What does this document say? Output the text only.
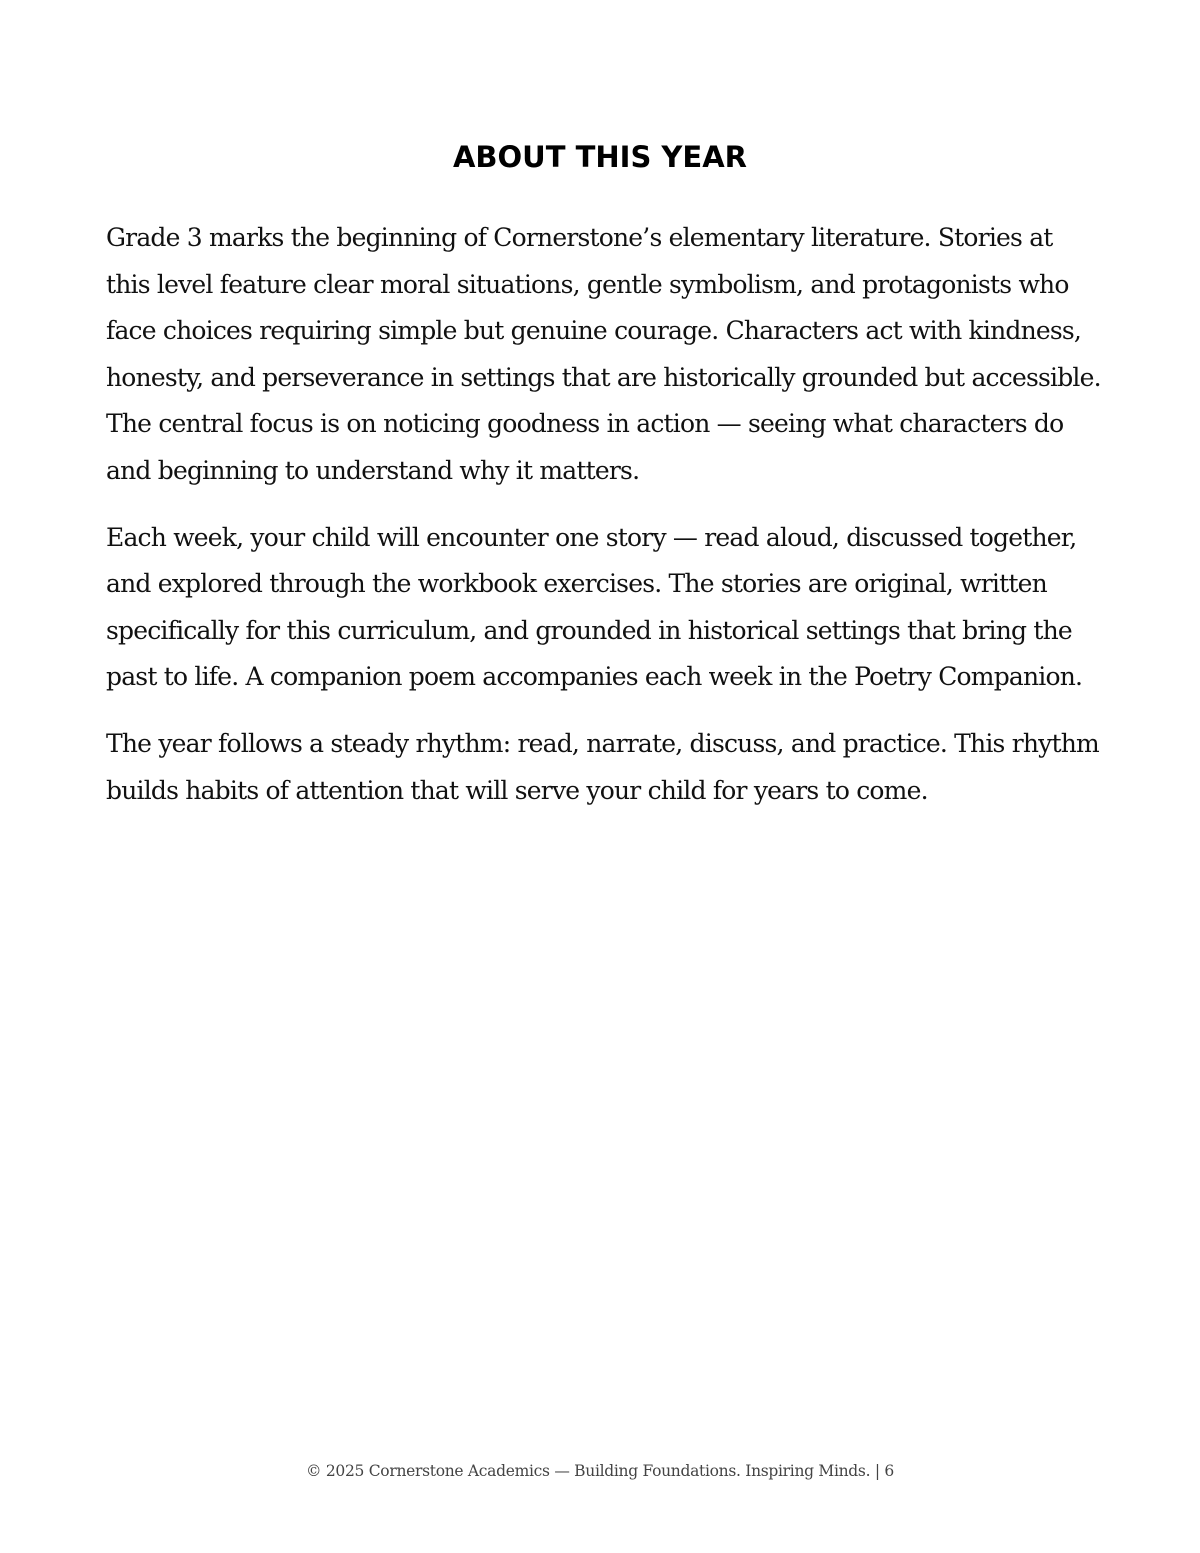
ABOUT THIS YEAR

Grade 3 marks the beginning of Cornerstone’s elementary literature. Stories at this level feature clear moral situations, gentle symbolism, and protagonists who face choices requiring simple but genuine courage. Characters act with kindness, honesty, and perseverance in settings that are historically grounded but accessible. The central focus is on noticing goodness in action — seeing what characters do and beginning to understand why it matters.

Each week, your child will encounter one story — read aloud, discussed together, and explored through the workbook exercises. The stories are original, written specifically for this curriculum, and grounded in historical settings that bring the past to life. A companion poem accompanies each week in the Poetry Companion.

The year follows a steady rhythm: read, narrate, discuss, and practice. This rhythm builds habits of attention that will serve your child for years to come.

© 2025 Cornerstone Academics — Building Foundations. Inspiring Minds. | 6
